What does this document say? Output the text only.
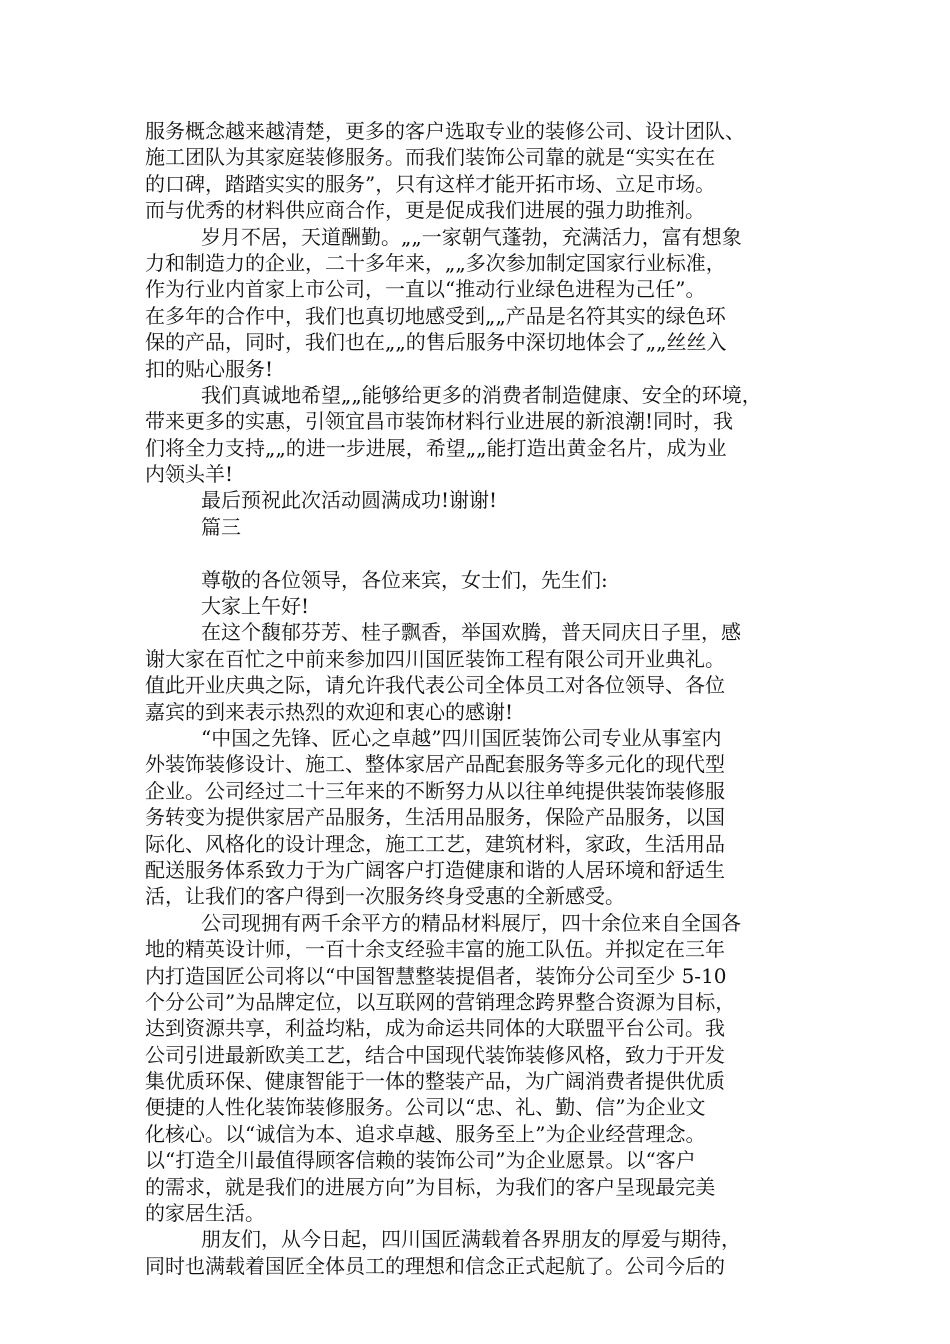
服务概念越来越清楚，更多的客户选取专业的装修公司、设计团队、
施工团队为其家庭装修服务。而我们装饰公司靠的就是“实实在在
的口碑，踏踏实实的服务”，只有这样才能开拓市场、立足市场。
而与优秀的材料供应商合作，更是促成我们进展的强力助推剂。
岁月不居，天道酬勤。„„一家朝气蓬勃，充满活力，富有想象
力和制造力的企业，二十多年来，„„多次参加制定国家行业标准，
作为行业内首家上市公司，一直以“推动行业绿色进程为己任”。
在多年的合作中，我们也真切地感受到„„产品是名符其实的绿色环
保的产品，同时，我们也在„„的售后服务中深切地体会了„„丝丝入
扣的贴心服务!
我们真诚地希望„„能够给更多的消费者制造健康、安全的环境，
带来更多的实惠，引领宜昌市装饰材料行业进展的新浪潮!同时，我
们将全力支持„„的进一步进展，希望„„能打造出黄金名片，成为业
内领头羊!
最后预祝此次活动圆满成功!谢谢!
篇三
尊敬的各位领导，各位来宾，女士们，先生们:
大家上午好!
在这个馥郁芬芳、桂子飘香，举国欢腾，普天同庆日子里，感
谢大家在百忙之中前来参加四川国匠装饰工程有限公司开业典礼。
值此开业庆典之际，请允许我代表公司全体员工对各位领导、各位
嘉宾的到来表示热烈的欢迎和衷心的感谢!
“中国之先锋、匠心之卓越”四川国匠装饰公司专业从事室内
外装饰装修设计、施工、整体家居产品配套服务等多元化的现代型
企业。公司经过二十三年来的不断努力从以往单纯提供装饰装修服
务转变为提供家居产品服务，生活用品服务，保险产品服务，以国
际化、风格化的设计理念，施工工艺，建筑材料，家政，生活用品
配送服务体系致力于为广阔客户打造健康和谐的人居环境和舒适生
活，让我们的客户得到一次服务终身受惠的全新感受。
公司现拥有两千余平方的精品材料展厅，四十余位来自全国各
地的精英设计师，一百十余支经验丰富的施工队伍。并拟定在三年
内打造国匠公司将以“中国智慧整装提倡者，装饰分公司至少 5-10
个分公司”为品牌定位，以互联网的营销理念跨界整合资源为目标，
达到资源共享，利益均粘，成为命运共同体的大联盟平台公司。我
公司引进最新欧美工艺，结合中国现代装饰装修风格，致力于开发
集优质环保、健康智能于一体的整装产品，为广阔消费者提供优质
便捷的人性化装饰装修服务。公司以“忠、礼、勤、信”为企业文
化核心。以“诚信为本、追求卓越、服务至上”为企业经营理念。
以“打造全川最值得顾客信赖的装饰公司”为企业愿景。以“客户
的需求，就是我们的进展方向”为目标，为我们的客户呈现最完美
的家居生活。
朋友们，从今日起，四川国匠满载着各界朋友的厚爱与期待，
同时也满载着国匠全体员工的理想和信念正式起航了。公司今后的
